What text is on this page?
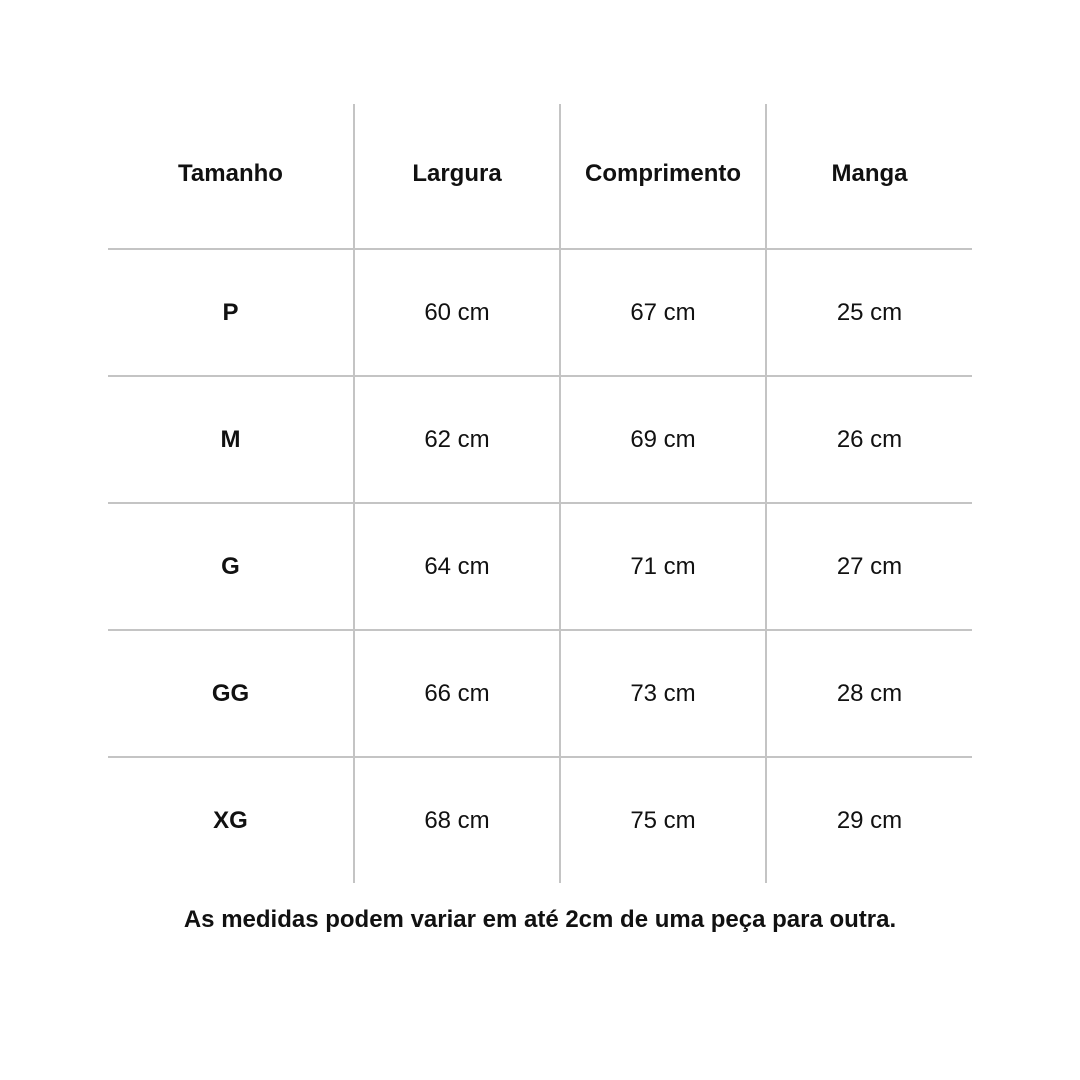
Tamanho	Largura	Comprimento	Manga
P	60 cm	67 cm	25 cm
M	62 cm	69 cm	26 cm
G	64 cm	71 cm	27 cm
GG	66 cm	73 cm	28 cm
XG	68 cm	75 cm	29 cm
As medidas podem variar em até 2cm de uma peça para outra.
